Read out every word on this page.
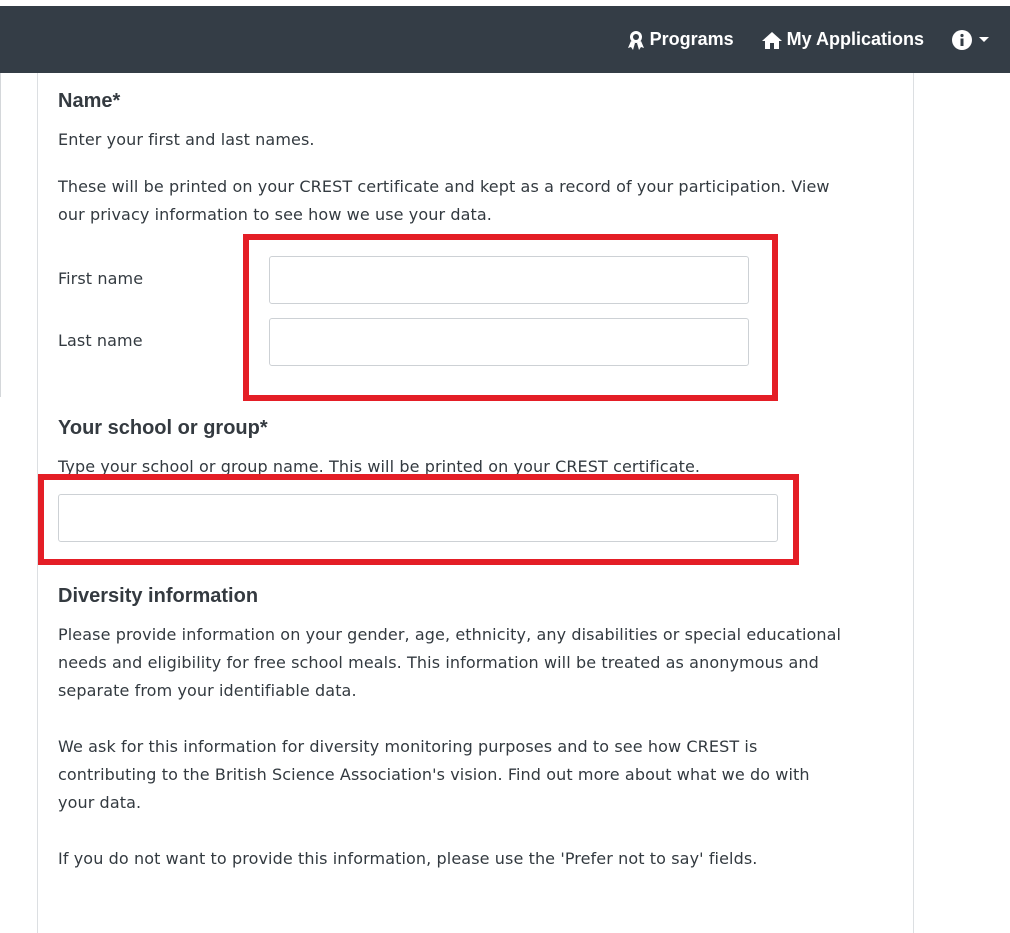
Programs	My Applications
Name*
Enter your first and last names.
These will be printed on your CREST certificate and kept as a record of your participation. View
our privacy information to see how we use your data.
First name
Last name
Your school or group*
Type your school or group name. This will be printed on your CREST certificate.
Diversity information
Please provide information on your gender, age, ethnicity, any disabilities or special educational
needs and eligibility for free school meals. This information will be treated as anonymous and
separate from your identifiable data.
We ask for this information for diversity monitoring purposes and to see how CREST is
contributing to the British Science Association's vision. Find out more about what we do with
your data.
If you do not want to provide this information, please use the 'Prefer not to say' fields.
